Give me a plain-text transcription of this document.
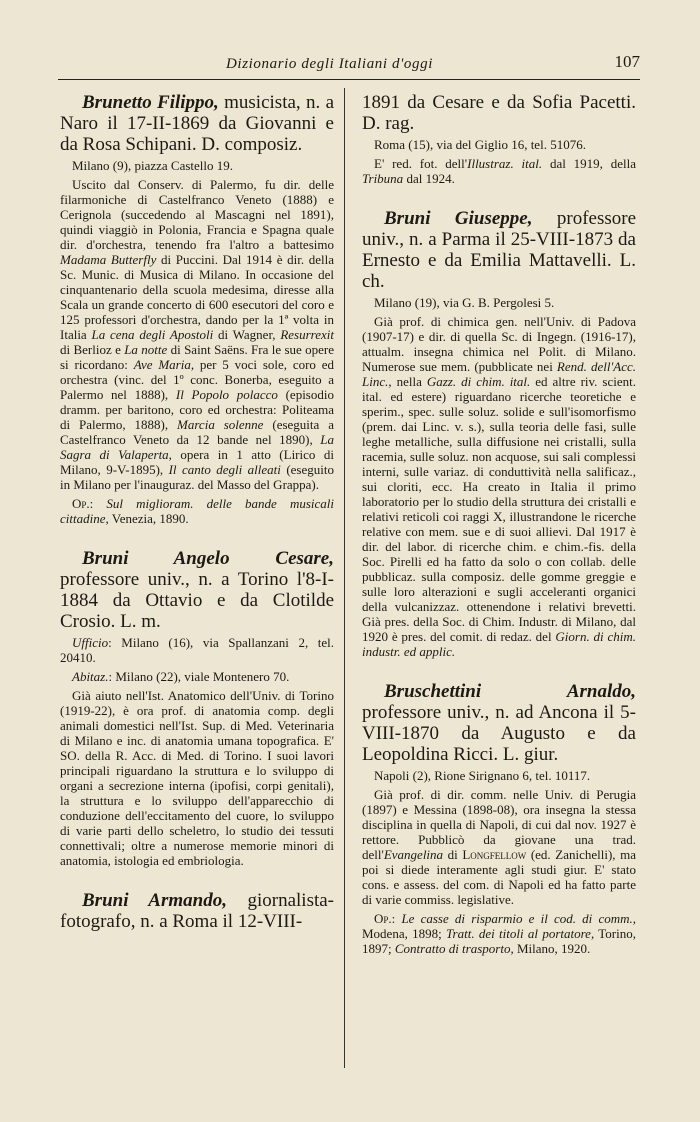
Dizionario degli Italiani d'oggi	107
Brunetto Filippo, musicista, n. a Naro il 17-II-1869 da Giovanni e da Rosa Schipani. D. composiz.
Milano (9), piazza Castello 19.
Uscito dal Conserv. di Palermo, fu dir. delle filarmoniche di Castelfranco Veneto (1888) e Cerignola (succedendo al Mascagni nel 1891), quindi viaggiò in Polonia, Francia e Spagna quale dir. d'orchestra, tenendo fra l'altro a battesimo Madama Butterfly di Puccini. Dal 1914 è dir. della Sc. Munic. di Musica di Milano. In occasione del cinquantenario della scuola medesima, diresse alla Scala un grande concerto di 600 esecutori del coro e 125 professori d'orchestra, dando per la 1ª volta in Italia La cena degli Apostoli di Wagner, Resurrexit di Berlioz e La notte di Saint Saëns. Fra le sue opere si ricordano: Ave Maria, per 5 voci sole, coro ed orchestra (vinc. del 1º conc. Bonerba, eseguito a Palermo nel 1888), Il Popolo polacco (episodio dramm. per baritono, coro ed orchestra: Politeama di Palermo, 1888), Marcia solenne (eseguita a Castelfranco Veneto da 12 bande nel 1890), La Sagra di Valaperta, opera in 1 atto (Lirico di Milano, 9-V-1895), Il canto degli alleati (eseguito in Milano per l'inauguraz. del Masso del Grappa).
Op.: Sul miglioram. delle bande musicali cittadine, Venezia, 1890.
Bruni Angelo Cesare, professore univ., n. a Torino l'8-I-1884 da Ottavio e da Clotilde Crosio. L. m.
Ufficio: Milano (16), via Spallanzani 2, tel. 20410.
Abitaz.: Milano (22), viale Montenero 70.
Già aiuto nell'Ist. Anatomico dell'Univ. di Torino (1919-22), è ora prof. di anatomia comp. degli animali domestici nell'Ist. Sup. di Med. Veterinaria di Milano e inc. di anatomia umana topografica. E' SO. della R. Acc. di Med. di Torino. I suoi lavori principali riguardano la struttura e lo sviluppo di organi a secrezione interna (ipofisi, corpi genitali), la struttura e lo sviluppo dell'apparecchio di conduzione dell'eccitamento del cuore, lo sviluppo di varie parti dello scheletro, lo studio dei tessuti connettivali; oltre a numerose memorie minori di anatomia, istologia ed embriologia.
Bruni Armando, giornalista-fotografo, n. a Roma il 12-VIII-
1891 da Cesare e da Sofia Pacetti. D. rag.
Roma (15), via del Giglio 16, tel. 51076.
E' red. fot. dell'Illustraz. ital. dal 1919, della Tribuna dal 1924.
Bruni Giuseppe, professore univ., n. a Parma il 25-VIII-1873 da Ernesto e da Emilia Mattavelli. L. ch.
Milano (19), via G. B. Pergolesi 5.
Già prof. di chimica gen. nell'Univ. di Padova (1907-17) e dir. di quella Sc. di Ingegn. (1916-17), attualm. insegna chimica nel Polit. di Milano. Numerose sue mem. (pubblicate nei Rend. dell'Acc. Linc., nella Gazz. di chim. ital. ed altre riv. scient. ital. ed estere) riguardano ricerche teoretiche e sperim., spec. sulle soluz. solide e sull'isomorfismo (prem. dai Linc. v. s.), sulla teoria delle fasi, sulle leghe metalliche, sulla diffusione nei cristalli, sulla racemia, sulle soluz. non acquose, sui sali complessi interni, sulle variaz. di conduttività nella salificaz., sui cloriti, ecc. Ha creato in Italia il primo laboratorio per lo studio della struttura dei cristalli e relativi reticoli coi raggi X, illustrandone le ricerche relative con mem. sue e di suoi allievi. Dal 1917 è dir. del labor. di ricerche chim. e chim.-fis. della Soc. Pirelli ed ha fatto da solo o con collab. delle pubblicaz. sulla composiz. delle gomme greggie e sulle loro alterazioni e sugli acceleranti organici della vulcanizzaz. ottenendone i relativi brevetti. Già pres. della Soc. di Chim. Industr. di Milano, dal 1920 è pres. del comit. di redaz. del Giorn. di chim. industr. ed applic.
Bruschettini Arnaldo, professore univ., n. ad Ancona il 5-VIII-1870 da Augusto e da Leopoldina Ricci. L. giur.
Napoli (2), Rione Sirignano 6, tel. 10117.
Già prof. di dir. comm. nelle Univ. di Perugia (1897) e Messina (1898-08), ora insegna la stessa disciplina in quella di Napoli, di cui dal nov. 1927 è rettore. Pubblicò da giovane una trad. dell'Evangelina di Longfellow (ed. Zanichelli), ma poi si diede interamente agli studi giur. E' stato cons. e assess. del com. di Napoli ed ha fatto parte di varie commiss. legislative.
Op.: Le casse di risparmio e il cod. di comm., Modena, 1898; Tratt. dei titoli al portatore, Torino, 1897; Contratto di trasporto, Milano, 1920.
